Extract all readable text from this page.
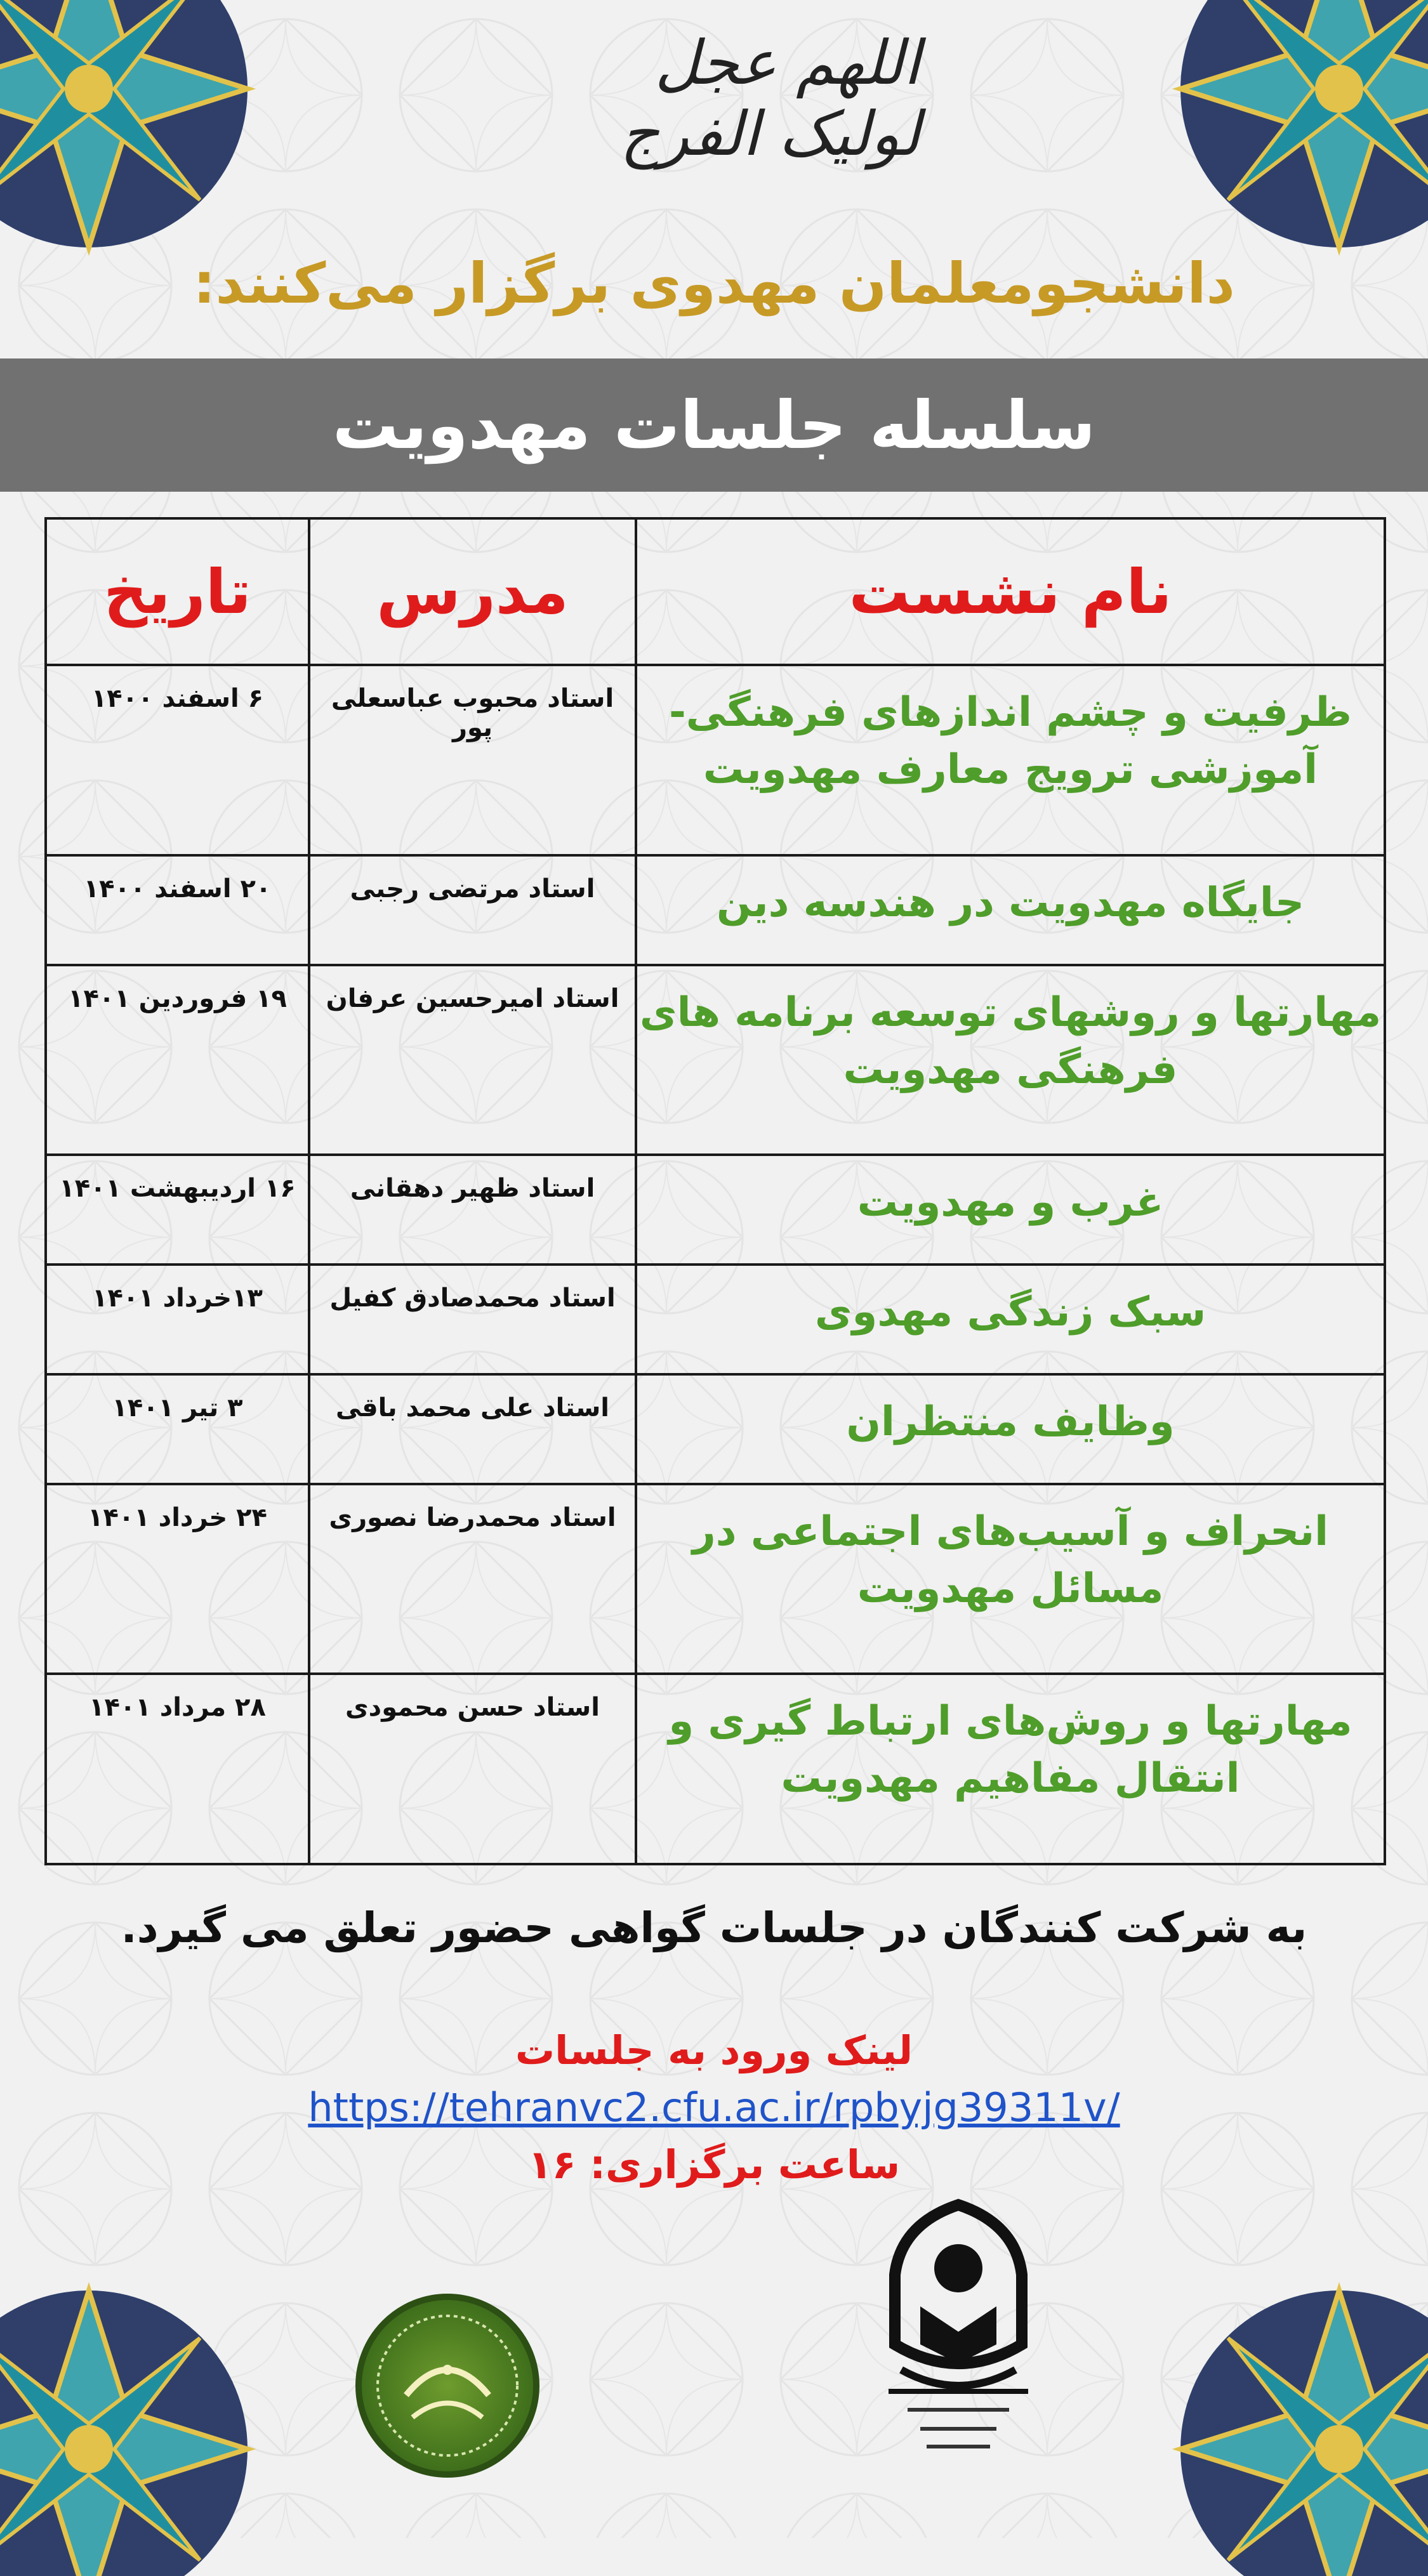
اللهم عجل لولیک الفرج
دانشجومعلمان مهدوی برگزار می‌کنند:
سلسله جلسات مهدویت
نام نشست	مدرس	تاریخ
ظرفیت و چشم اندازهای فرهنگی-آموزشی ترویج معارف مهدویت	استاد محبوب عباسعلی پور	۶ اسفند ۱۴۰۰
جایگاه مهدویت در هندسه دین	استاد مرتضی رجبی	۲۰ اسفند ۱۴۰۰
مهارتها و روشهای توسعه برنامه های فرهنگی مهدویت	استاد امیرحسین عرفان	۱۹ فروردین ۱۴۰۱
غرب و مهدویت	استاد ظهیر دهقانی	۱۶ اردیبهشت ۱۴۰۱
سبک زندگی مهدوی	استاد محمدصادق کفیل	۱۳خرداد ۱۴۰۱
وظایف منتظران	استاد علی محمد باقی	۳ تیر ۱۴۰۱
انحراف و آسیب‌های اجتماعی در مسائل مهدویت	استاد محمدرضا نصوری	۲۴ خرداد ۱۴۰۱
مهارتها و روش‌های ارتباط گیری و انتقال مفاهیم مهدویت	استاد حسن محمودی	۲۸ مرداد ۱۴۰۱
به شرکت کنندگان در جلسات گواهی حضور تعلق می گیرد.
لینک ورود به جلسات
https://tehranvc2.cfu.ac.ir/rpbyjg39311v/
ساعت برگزاری: ۱۶
